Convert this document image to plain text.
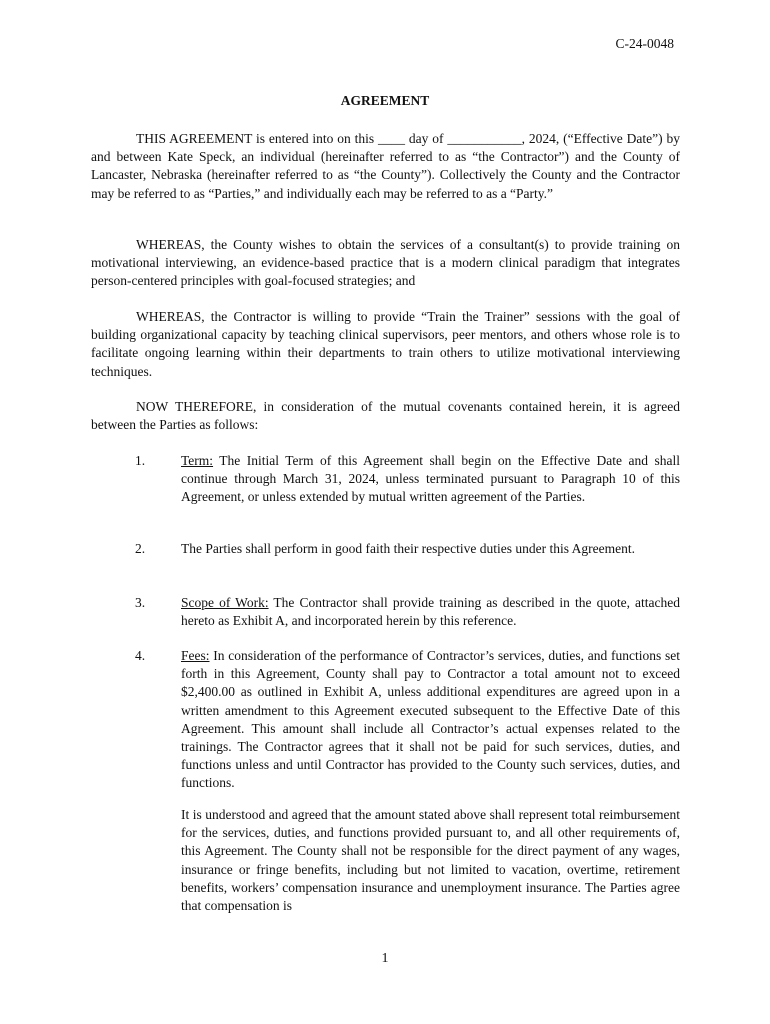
C-24-0048
AGREEMENT

THIS AGREEMENT is entered into on this ____ day of ___________, 2024, (“Effective Date”) by and between Kate Speck, an individual (hereinafter referred to as “the Contractor”) and the County of Lancaster, Nebraska (hereinafter referred to as “the County”). Collectively the County and the Contractor may be referred to as “Parties,” and individually each may be referred to as a “Party.”

WHEREAS, the County wishes to obtain the services of a consultant(s) to provide training on motivational interviewing, an evidence-based practice that is a modern clinical paradigm that integrates person-centered principles with goal-focused strategies; and

WHEREAS, the Contractor is willing to provide “Train the Trainer” sessions with the goal of building organizational capacity by teaching clinical supervisors, peer mentors, and others whose role is to facilitate ongoing learning within their departments to train others to utilize motivational interviewing techniques.

NOW THEREFORE, in consideration of the mutual covenants contained herein, it is agreed between the Parties as follows:

1.	Term: The Initial Term of this Agreement shall begin on the Effective Date and shall continue through March 31, 2024, unless terminated pursuant to Paragraph 10 of this Agreement, or unless extended by mutual written agreement of the Parties.

2.	The Parties shall perform in good faith their respective duties under this Agreement.

3.	Scope of Work: The Contractor shall provide training as described in the quote, attached hereto as Exhibit A, and incorporated herein by this reference.

4.	Fees: In consideration of the performance of Contractor’s services, duties, and functions set forth in this Agreement, County shall pay to Contractor a total amount not to exceed $2,400.00 as outlined in Exhibit A, unless additional expenditures are agreed upon in a written amendment to this Agreement executed subsequent to the Effective Date of this Agreement. This amount shall include all Contractor’s actual expenses related to the trainings. The Contractor agrees that it shall not be paid for such services, duties, and functions unless and until Contractor has provided to the County such services, duties, and functions.

It is understood and agreed that the amount stated above shall represent total reimbursement for the services, duties, and functions provided pursuant to, and all other requirements of, this Agreement. The County shall not be responsible for the direct payment of any wages, insurance or fringe benefits, including but not limited to vacation, overtime, retirement benefits, workers’ compensation insurance and unemployment insurance. The Parties agree that compensation is

1
